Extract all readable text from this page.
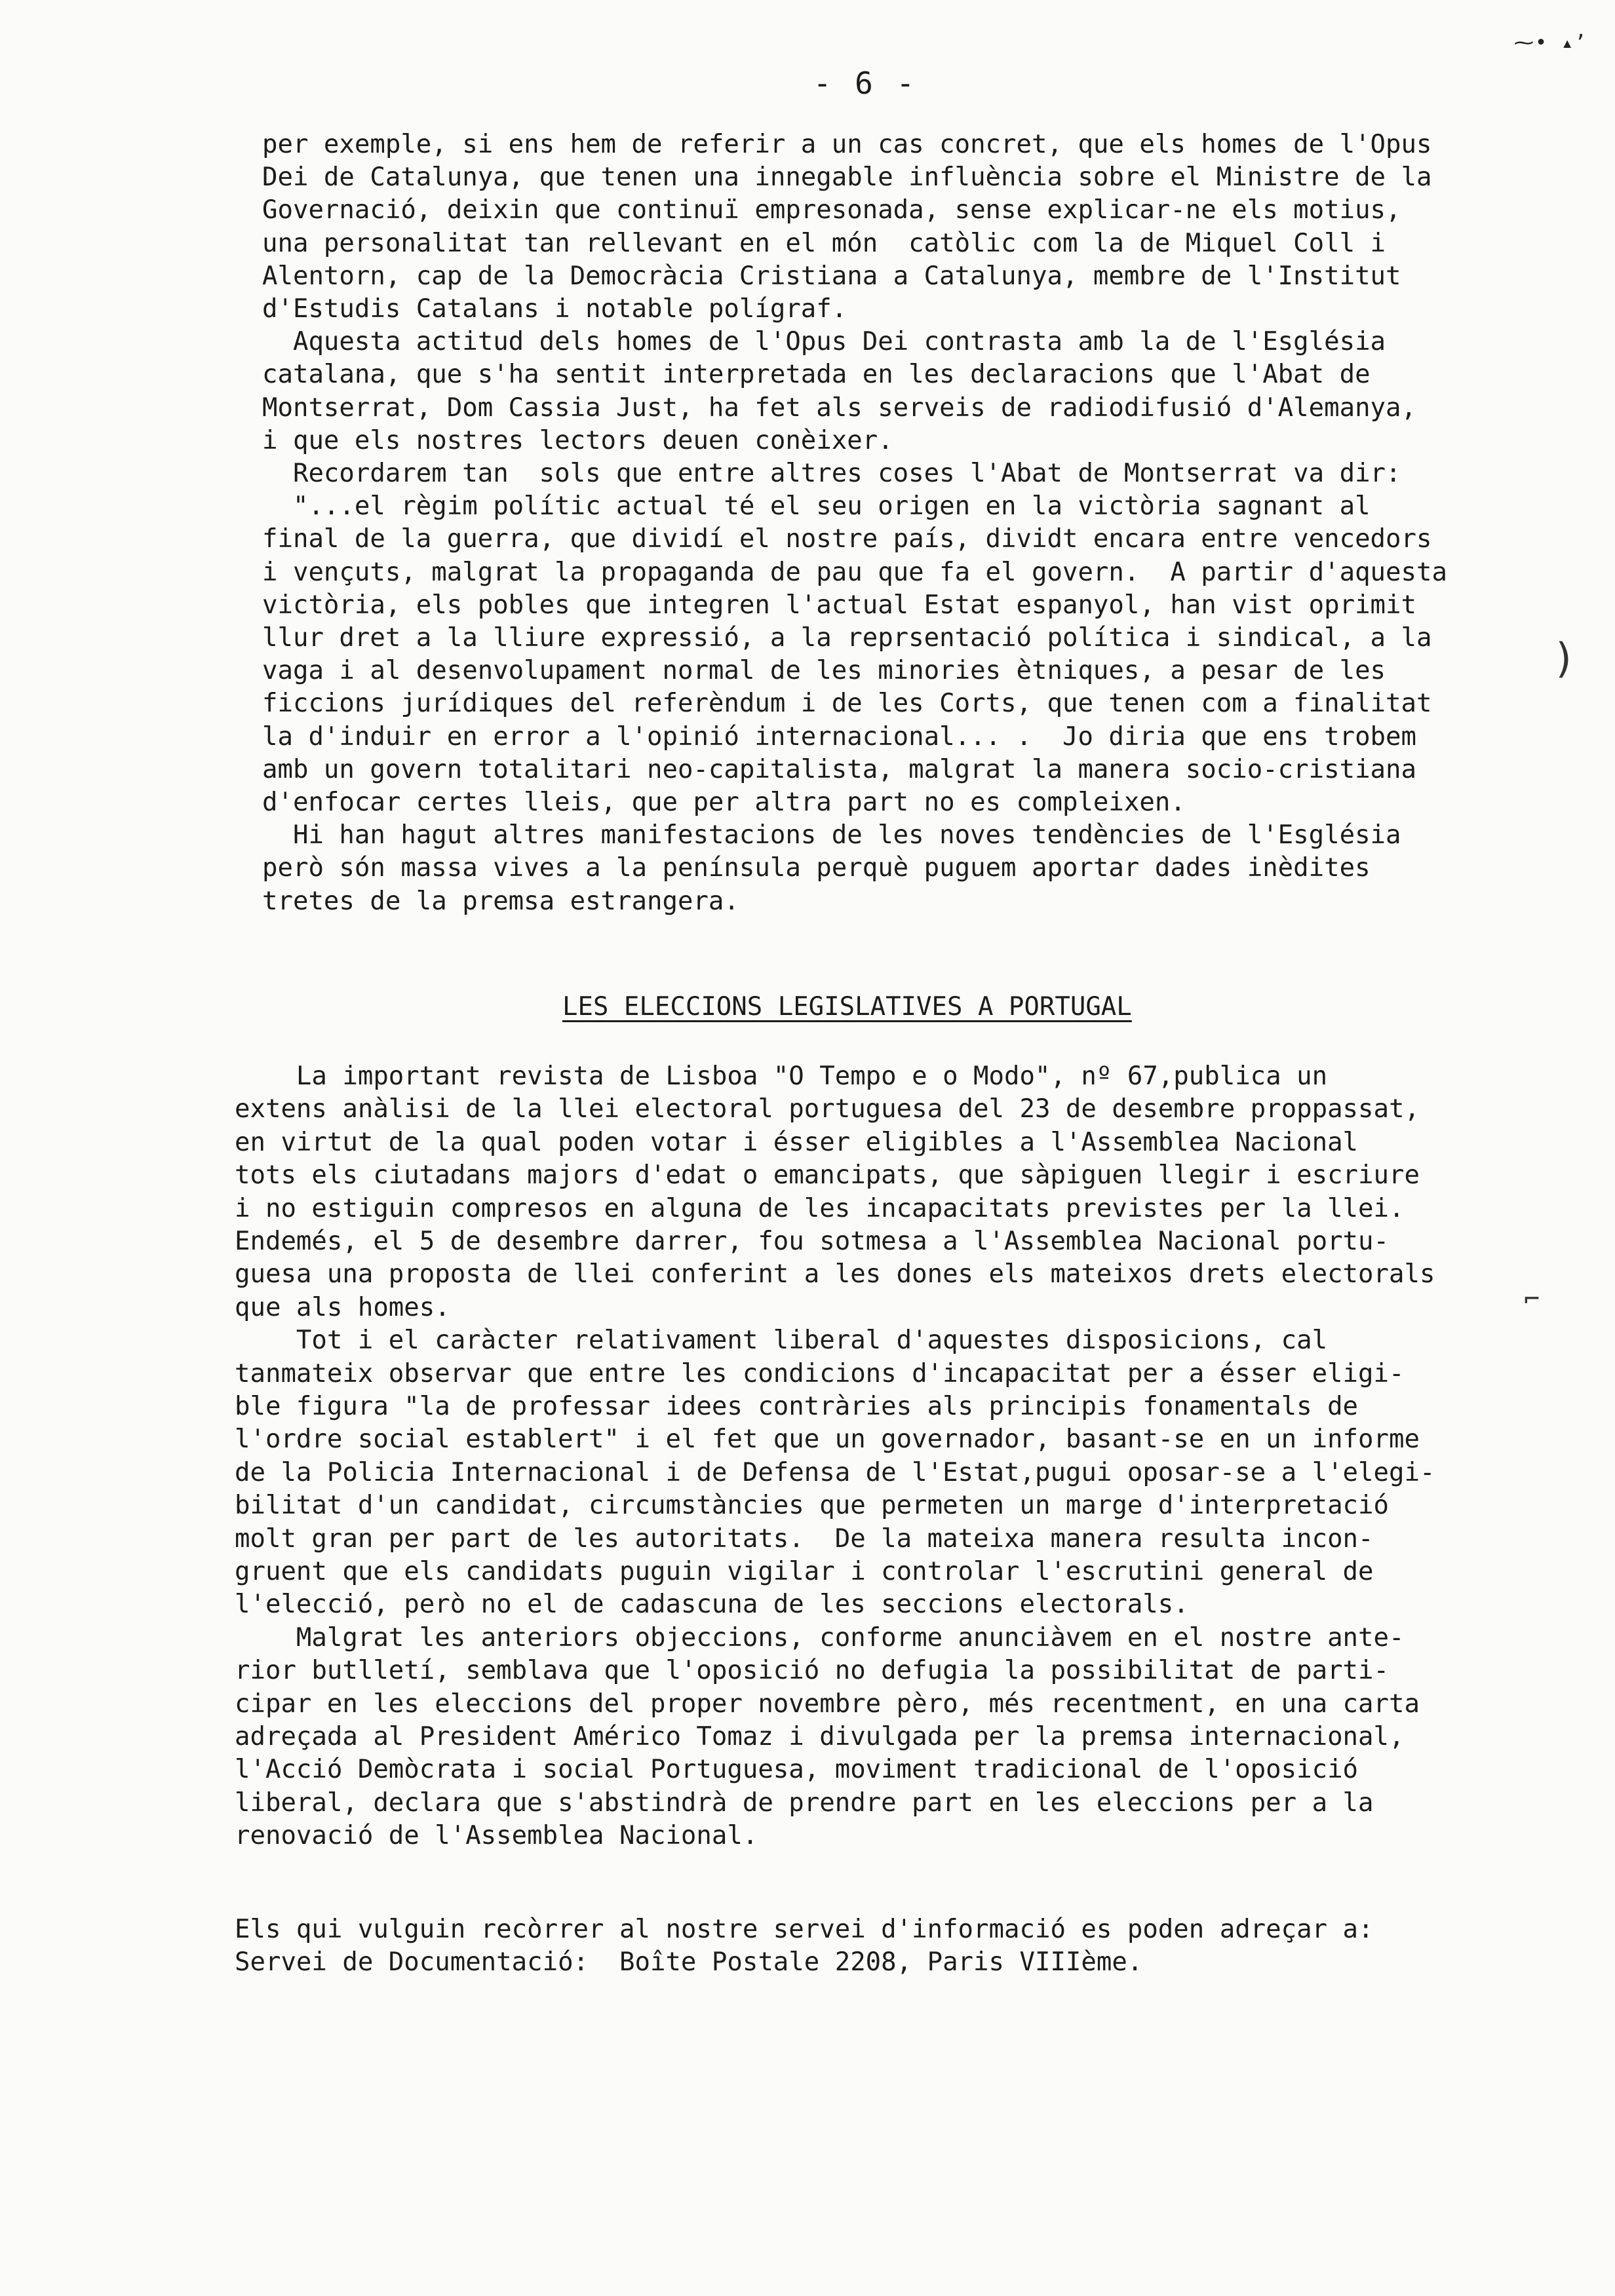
- 6 -
⁓• ▴ʼ
)
⌐
per exemple, si ens hem de referir a un cas concret, que els homes de l'Opus
Dei de Catalunya, que tenen una innegable influència sobre el Ministre de la
Governació, deixin que continuï empresonada, sense explicar-ne els motius,
una personalitat tan rellevant en el món  catòlic com la de Miquel Coll i
Alentorn, cap de la Democràcia Cristiana a Catalunya, membre de l'Institut
d'Estudis Catalans i notable polígraf.
Aquesta actitud dels homes de l'Opus Dei contrasta amb la de l'Església
catalana, que s'ha sentit interpretada en les declaracions que l'Abat de
Montserrat, Dom Cassia Just, ha fet als serveis de radiodifusió d'Alemanya,
i que els nostres lectors deuen conèixer.
Recordarem tan  sols que entre altres coses l'Abat de Montserrat va dir:
"...el règim polític actual té el seu origen en la victòria sagnant al
final de la guerra, que dividí el nostre país, dividt encara entre vencedors
i vençuts, malgrat la propaganda de pau que fa el govern.  A partir d'aquesta
victòria, els pobles que integren l'actual Estat espanyol, han vist oprimit
llur dret a la lliure expressió, a la reprsentació política i sindical, a la
vaga i al desenvolupament normal de les minories ètniques, a pesar de les
ficcions jurídiques del referèndum i de les Corts, que tenen com a finalitat
la d'induir en error a l'opinió internacional... .  Jo diria que ens trobem
amb un govern totalitari neo-capitalista, malgrat la manera socio-cristiana
d'enfocar certes lleis, que per altra part no es compleixen.
Hi han hagut altres manifestacions de les noves tendències de l'Església
però són massa vives a la península perquè puguem aportar dades inèdites
tretes de la premsa estrangera.
LES ELECCIONS LEGISLATIVES A PORTUGAL
La important revista de Lisboa "O Tempo e o Modo", nº 67,publica un
extens anàlisi de la llei electoral portuguesa del 23 de desembre proppassat,
en virtut de la qual poden votar i ésser eligibles a l'Assemblea Nacional
tots els ciutadans majors d'edat o emancipats, que sàpiguen llegir i escriure
i no estiguin compresos en alguna de les incapacitats previstes per la llei.
Endemés, el 5 de desembre darrer, fou sotmesa a l'Assemblea Nacional portu-
guesa una proposta de llei conferint a les dones els mateixos drets electorals
que als homes.
Tot i el caràcter relativament liberal d'aquestes disposicions, cal
tanmateix observar que entre les condicions d'incapacitat per a ésser eligi-
ble figura "la de professar idees contràries als principis fonamentals de
l'ordre social establert" i el fet que un governador, basant-se en un informe
de la Policia Internacional i de Defensa de l'Estat,pugui oposar-se a l'elegi-
bilitat d'un candidat, circumstàncies que permeten un marge d'interpretació
molt gran per part de les autoritats.  De la mateixa manera resulta incon-
gruent que els candidats puguin vigilar i controlar l'escrutini general de
l'elecció, però no el de cadascuna de les seccions electorals.
Malgrat les anteriors objeccions, conforme anunciàvem en el nostre ante-
rior butlletí, semblava que l'oposició no defugia la possibilitat de parti-
cipar en les eleccions del proper novembre pèro, més recentment, en una carta
adreçada al President Américo Tomaz i divulgada per la premsa internacional,
l'Acció Demòcrata i social Portuguesa, moviment tradicional de l'oposició
liberal, declara que s'abstindrà de prendre part en les eleccions per a la
renovació de l'Assemblea Nacional.
Els qui vulguin recòrrer al nostre servei d'informació es poden adreçar a:
Servei de Documentació:  Boîte Postale 2208, Paris VIIIème.
